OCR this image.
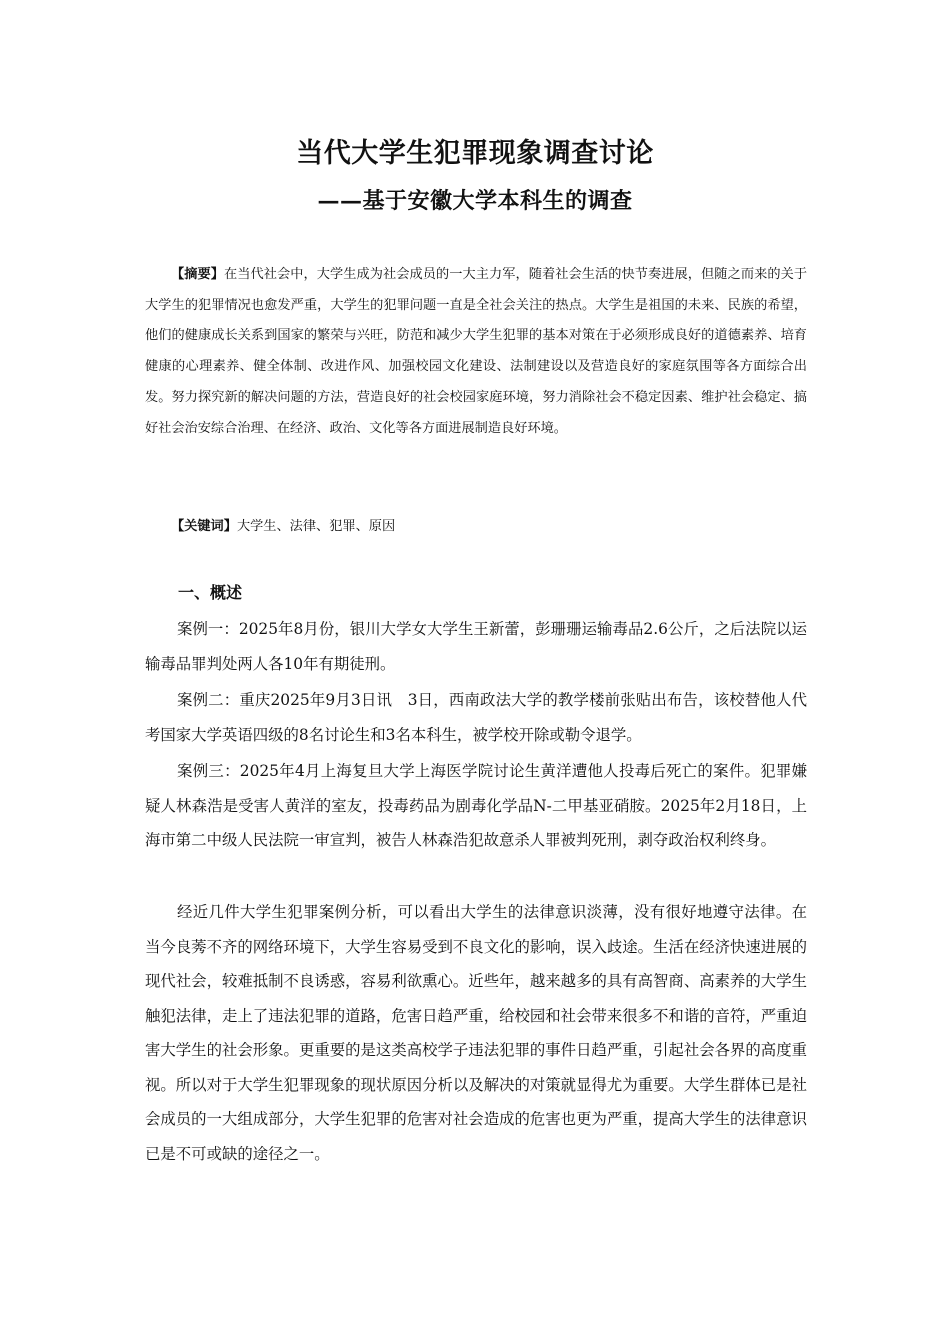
当代大学生犯罪现象调查讨论
——基于安徽大学本科生的调查

【摘要】在当代社会中，大学生成为社会成员的一大主力军，随着社会生活的快节奏进展，但随之而来的关于大学生的犯罪情况也愈发严重，大学生的犯罪问题一直是全社会关注的热点。大学生是祖国的未来、民族的希望，他们的健康成长关系到国家的繁荣与兴旺，防范和减少大学生犯罪的基本对策在于必须形成良好的道德素养、培育健康的心理素养、健全体制、改进作风、加强校园文化建设、法制建设以及营造良好的家庭氛围等各方面综合出发。努力探究新的解决问题的方法，营造良好的社会校园家庭环境，努力消除社会不稳定因素、维护社会稳定、搞好社会治安综合治理、在经济、政治、文化等各方面进展制造良好环境。

【关键词】大学生、法律、犯罪、原因

一、概述

案例一：2025年8月份，银川大学女大学生王新蕾，彭珊珊运输毒品2.6公斤，之后法院以运输毒品罪判处两人各10年有期徒刑。

案例二：重庆2025年9月3日讯　3日，西南政法大学的教学楼前张贴出布告，该校替他人代考国家大学英语四级的8名讨论生和3名本科生，被学校开除或勒令退学。

案例三：2025年4月上海复旦大学上海医学院讨论生黄洋遭他人投毒后死亡的案件。犯罪嫌疑人林森浩是受害人黄洋的室友，投毒药品为剧毒化学品N-二甲基亚硝胺。2025年2月18日，上海市第二中级人民法院一审宣判，被告人林森浩犯故意杀人罪被判死刑，剥夺政治权利终身。

经近几件大学生犯罪案例分析，可以看出大学生的法律意识淡薄，没有很好地遵守法律。在当今良莠不齐的网络环境下，大学生容易受到不良文化的影响，误入歧途。生活在经济快速进展的现代社会，较难抵制不良诱惑，容易利欲熏心。近些年，越来越多的具有高智商、高素养的大学生触犯法律，走上了违法犯罪的道路，危害日趋严重，给校园和社会带来很多不和谐的音符，严重迫害大学生的社会形象。更重要的是这类高校学子违法犯罪的事件日趋严重，引起社会各界的高度重视。所以对于大学生犯罪现象的现状原因分析以及解决的对策就显得尤为重要。大学生群体已是社会成员的一大组成部分，大学生犯罪的危害对社会造成的危害也更为严重，提高大学生的法律意识已是不可或缺的途径之一。
